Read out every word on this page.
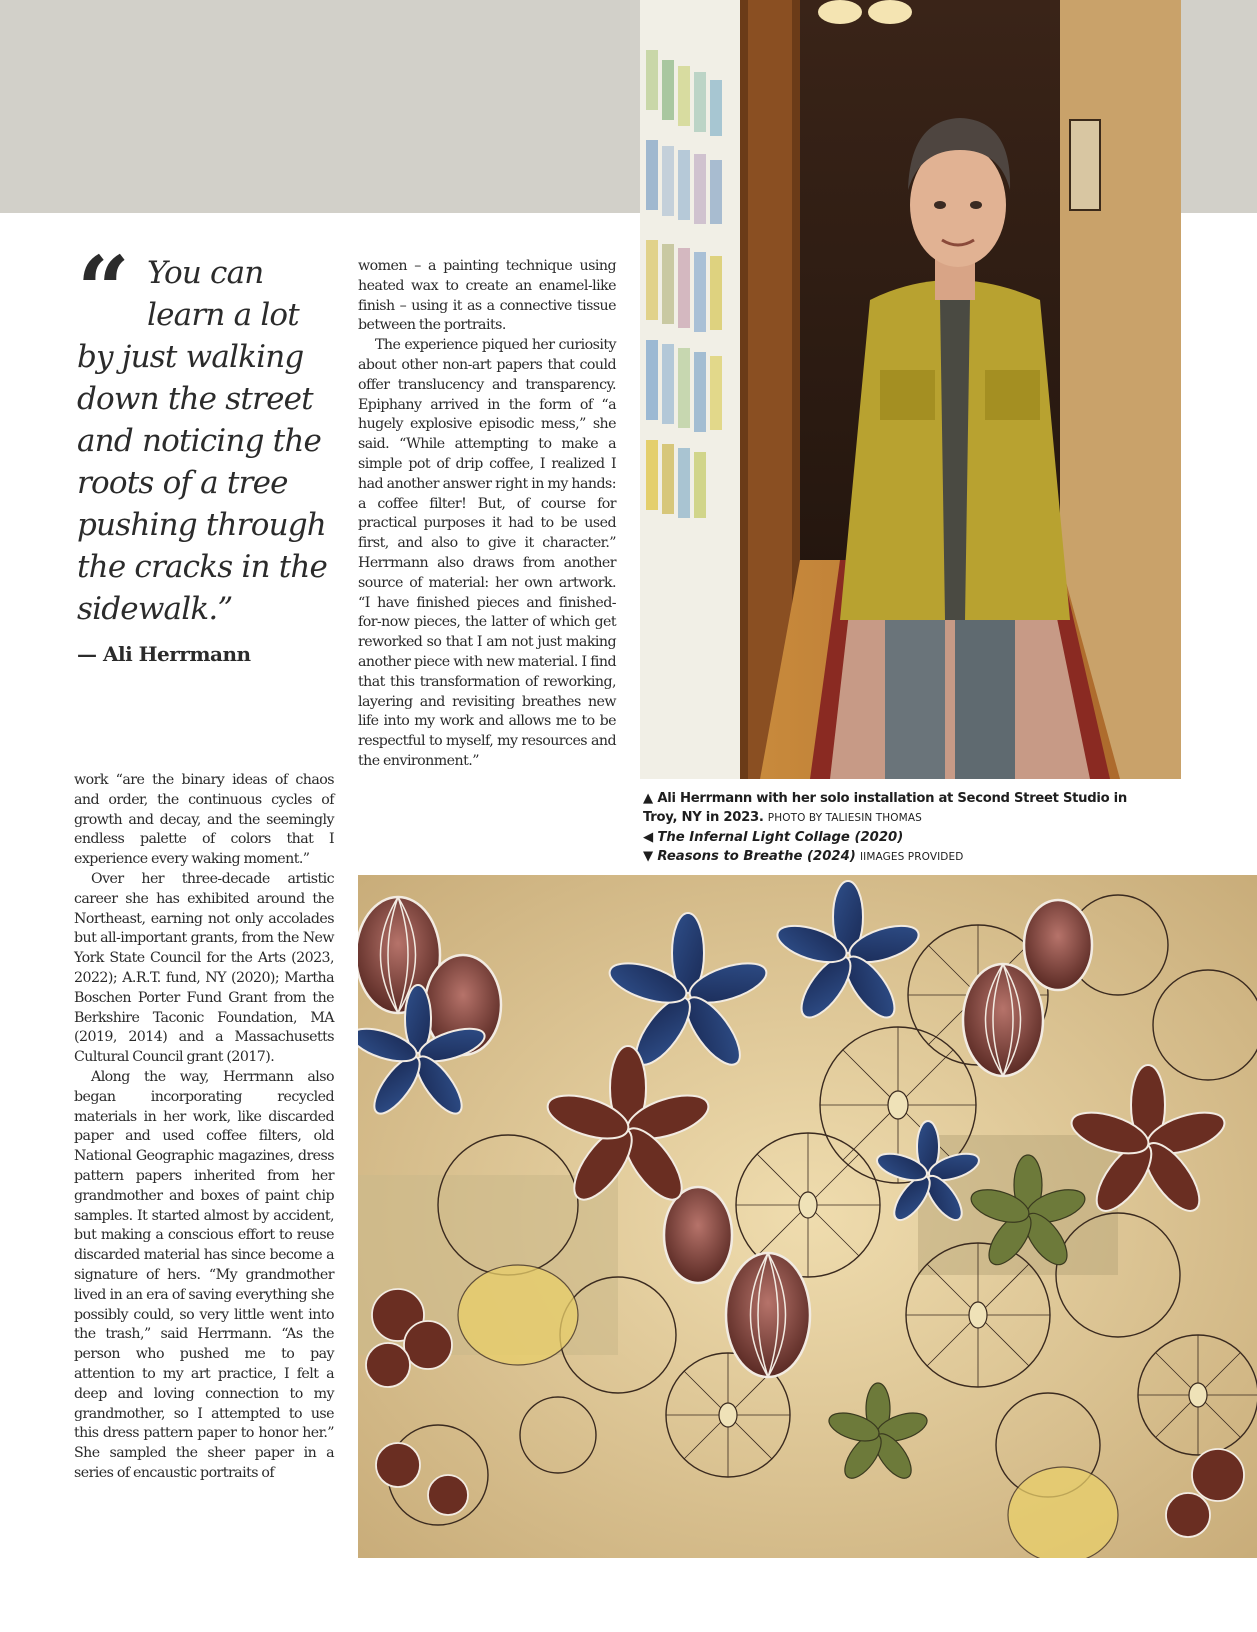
“ You can
learn a lot
by just walking
down the street
and noticing the
roots of a tree
pushing through
the cracks in the
sidewalk.”
— Ali Herrmann

work “are the binary ideas of chaos and order, the continuous cycles of growth and decay, and the seemingly endless palette of colors that I experience every waking moment.”

Over her three-decade artistic career she has exhibited around the Northeast, earning not only accolades but all-important grants, from the New York State Council for the Arts (2023, 2022); A.R.T. fund, NY (2020); Martha Boschen Porter Fund Grant from the Berkshire Taconic Foundation, MA (2019, 2014) and a Massachusetts Cultural Council grant (2017).

Along the way, Herrmann also began incorporating recycled materials in her work, like discarded paper and used coffee filters, old National Geographic magazines, dress pattern papers inherited from her grandmother and boxes of paint chip samples. It started almost by accident, but making a conscious effort to reuse discarded material has since become a signature of hers. “My grandmother lived in an era of saving everything she possibly could, so very little went into the trash,” said Herrmann. “As the person who pushed me to pay attention to my art practice, I felt a deep and loving connection to my grandmother, so I attempted to use this dress pattern paper to honor her.” She sampled the sheer paper in a series of encaustic portraits of

women – a painting technique using heated wax to create an enamel-like finish – using it as a connective tissue between the portraits.

The experience piqued her curiosity about other non-art papers that could offer translucency and transparency. Epiphany arrived in the form of “a hugely explosive episodic mess,” she said. “While attempting to make a simple pot of drip coffee, I realized I had another answer right in my hands: a coffee filter! But, of course for practical purposes it had to be used first, and also to give it character.” Herrmann also draws from another source of material: her own artwork. “I have finished pieces and finished-for-now pieces, the latter of which get reworked so that I am not just making another piece with new material. I find that this transformation of reworking, layering and revisiting breathes new life into my work and allows me to be respectful to myself, my resources and the environment.”

▲ Ali Herrmann with her solo installation at Second Street Studio in
Troy, NY in 2023. PHOTO BY TALIESIN THOMAS
◀ The Infernal Light Collage (2020)
▼ Reasons to Breathe (2024) IIMAGES PROVIDED
